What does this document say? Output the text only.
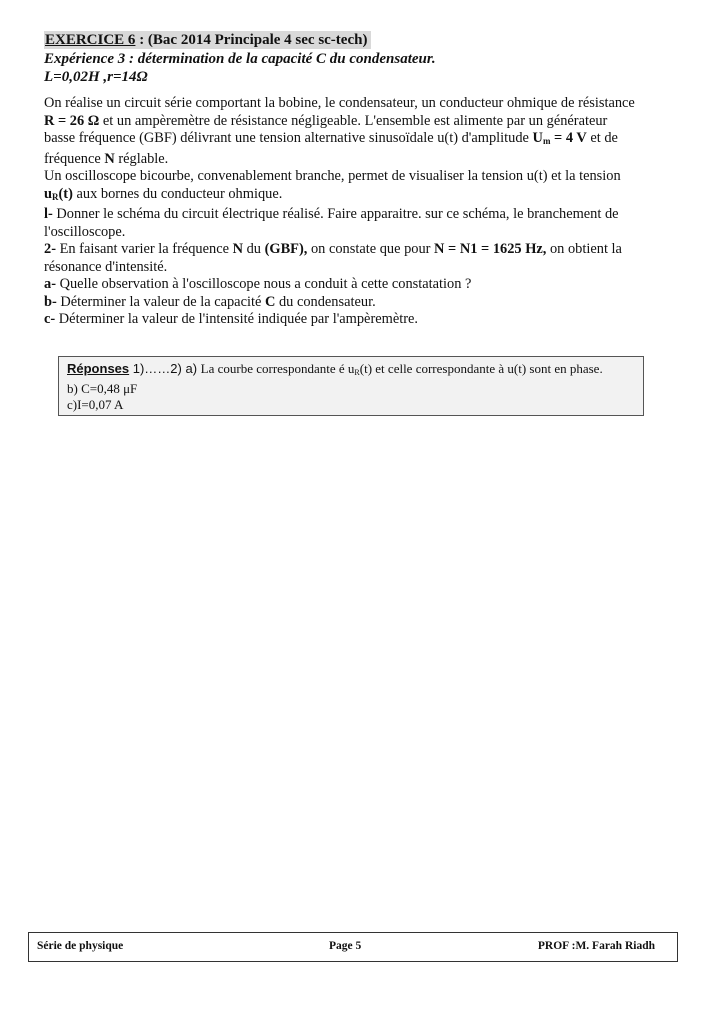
EXERCICE 6 : (Bac 2014 Principale 4 sec sc-tech)
Expérience 3 : détermination de la capacité C du condensateur.
L=0,02H ,r=14Ω

On réalise un circuit série comportant la bobine, le condensateur, un conducteur ohmique de résistance
R = 26 Ω et un ampèremètre de résistance négligeable. L'ensemble est alimente par un générateur
basse fréquence (GBF) délivrant une tension alternative sinusoïdale u(t) d'amplitude $U_m = 4$ V et de
fréquence N réglable.

Un oscilloscope bicourbe, convenablement branche, permet de visualiser la tension u(t) et la tension
$u_R(t)$ aux bornes du conducteur ohmique.

l- Donner le schéma du circuit électrique réalisé. Faire apparaitre. sur ce schéma, le branchement de
l'oscilloscope.

2- En faisant varier la fréquence N du (GBF), on constate que pour N = N1 = 1625 Hz, on obtient la
résonance d'intensité.

a- Quelle observation à l'oscilloscope nous a conduit à cette constatation ?

b- Déterminer la valeur de la capacité C du condensateur.

c- Déterminer la valeur de l'intensité indiquée par l'ampèremètre.

Réponses 1)……2) a) La courbe correspondante é uR(t) et celle correspondante à u(t) sont en phase.
b) C=0,48 μF
c)I=0,07 A
Série de physique	Page 5	PROF :M. Farah Riadh
